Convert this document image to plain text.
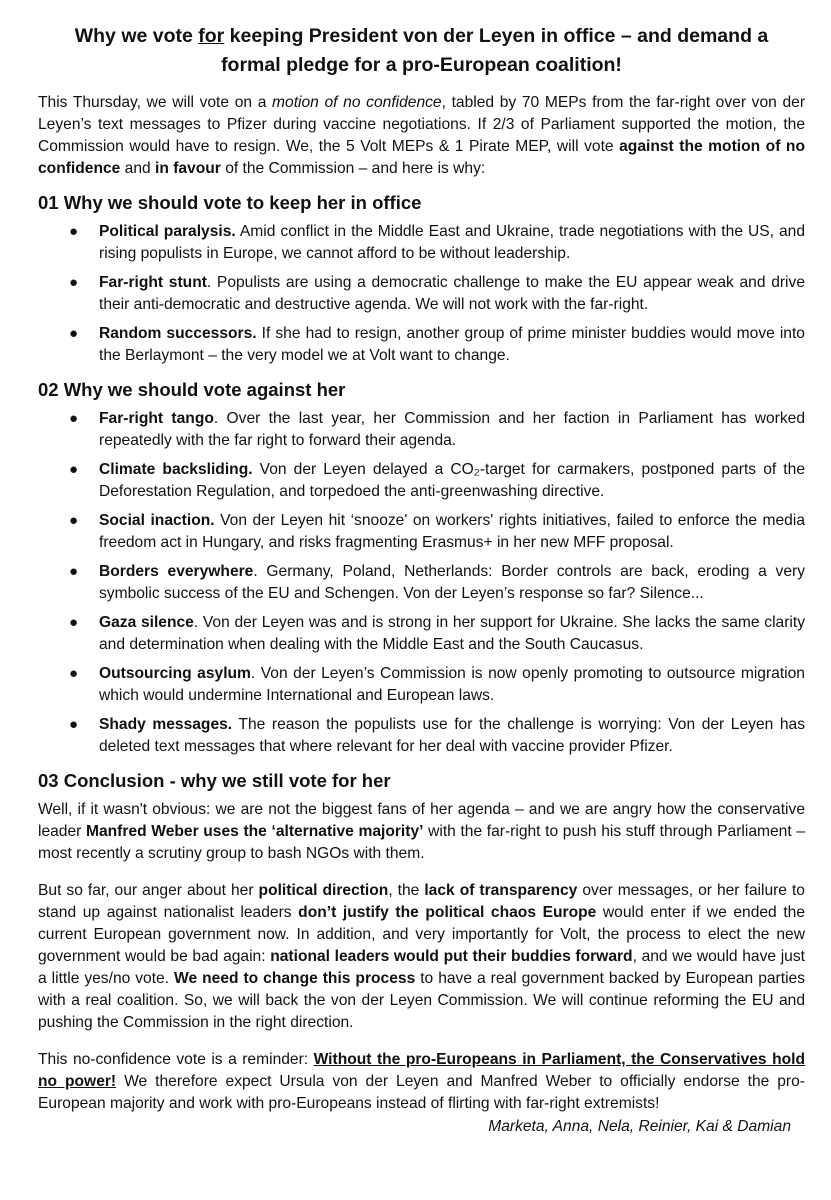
Why we vote for keeping President von der Leyen in office – and demand a formal pledge for a pro-European coalition!

This Thursday, we will vote on a motion of no confidence, tabled by 70 MEPs from the far-right over von der Leyen’s text messages to Pfizer during vaccine negotiations. If 2/3 of Parliament supported the motion, the Commission would have to resign. We, the 5 Volt MEPs & 1 Pirate MEP, will vote against the motion of no confidence and in favour of the Commission – and here is why:

01 Why we should vote to keep her in office
● Political paralysis. Amid conflict in the Middle East and Ukraine, trade negotiations with the US, and rising populists in Europe, we cannot afford to be without leadership.
● Far-right stunt. Populists are using a democratic challenge to make the EU appear weak and drive their anti-democratic and destructive agenda. We will not work with the far-right.
● Random successors. If she had to resign, another group of prime minister buddies would move into the Berlaymont – the very model we at Volt want to change.
02 Why we should vote against her
● Far-right tango. Over the last year, her Commission and her faction in Parliament has worked repeatedly with the far right to forward their agenda.
● Climate backsliding. Von der Leyen delayed a CO₂-target for carmakers, postponed parts of the Deforestation Regulation, and torpedoed the anti-greenwashing directive.
● Social inaction. Von der Leyen hit ‘snooze' on workers' rights initiatives, failed to enforce the media freedom act in Hungary, and risks fragmenting Erasmus+ in her new MFF proposal.
● Borders everywhere. Germany, Poland, Netherlands: Border controls are back, eroding a very symbolic success of the EU and Schengen. Von der Leyen’s response so far? Silence...
● Gaza silence. Von der Leyen was and is strong in her support for Ukraine. She lacks the same clarity and determination when dealing with the Middle East and the South Caucasus.
● Outsourcing asylum. Von der Leyen’s Commission is now openly promoting to outsource migration which would undermine International and European laws.
● Shady messages. The reason the populists use for the challenge is worrying: Von der Leyen has deleted text messages that where relevant for her deal with vaccine provider Pfizer.
03 Conclusion - why we still vote for her

Well, if it wasn't obvious: we are not the biggest fans of her agenda – and we are angry how the conservative leader Manfred Weber uses the ‘alternative majority’ with the far-right to push his stuff through Parliament – most recently a scrutiny group to bash NGOs with them.

But so far, our anger about her political direction, the lack of transparency over messages, or her failure to stand up against nationalist leaders don’t justify the political chaos Europe would enter if we ended the current European government now. In addition, and very importantly for Volt, the process to elect the new government would be bad again: national leaders would put their buddies forward, and we would have just a little yes/no vote. We need to change this process to have a real government backed by European parties with a real coalition. So, we will back the von der Leyen Commission. We will continue reforming the EU and pushing the Commission in the right direction.

This no-confidence vote is a reminder: Without the pro-Europeans in Parliament, the Conservatives hold no power! We therefore expect Ursula von der Leyen and Manfred Weber to officially endorse the pro-European majority and work with pro-Europeans instead of flirting with far-right extremists!

Marketa, Anna, Nela, Reinier, Kai & Damian
